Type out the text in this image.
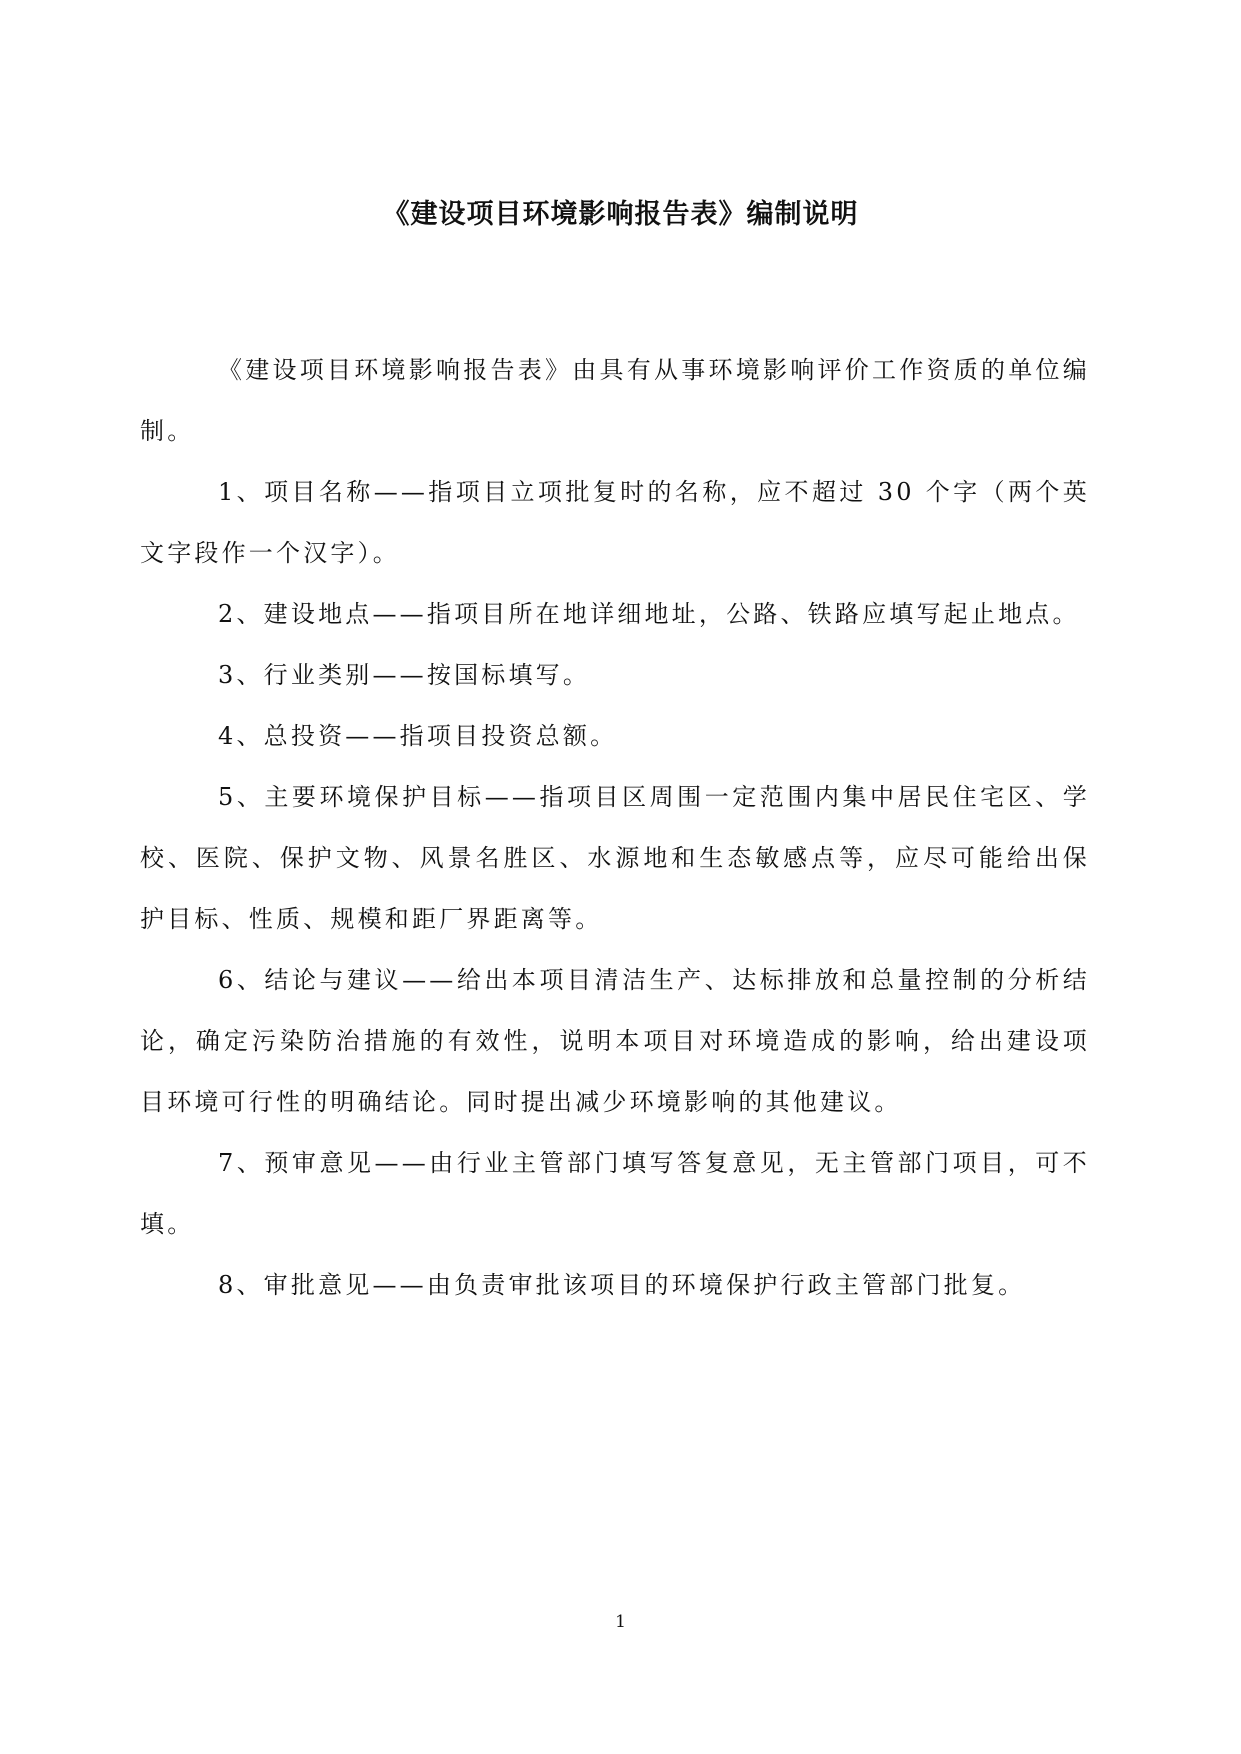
《建设项目环境影响报告表》编制说明

《建设项目环境影响报告表》由具有从事环境影响评价工作资质的单位编制。

1、项目名称——指项目立项批复时的名称，应不超过 30 个字（两个英文字段作一个汉字）。

2、建设地点——指项目所在地详细地址，公路、铁路应填写起止地点。

3、行业类别——按国标填写。

4、总投资——指项目投资总额。

5、主要环境保护目标——指项目区周围一定范围内集中居民住宅区、学校、医院、保护文物、风景名胜区、水源地和生态敏感点等，应尽可能给出保护目标、性质、规模和距厂界距离等。

6、结论与建议——给出本项目清洁生产、达标排放和总量控制的分析结论，确定污染防治措施的有效性，说明本项目对环境造成的影响，给出建设项目环境可行性的明确结论。同时提出减少环境影响的其他建议。

7、预审意见——由行业主管部门填写答复意见，无主管部门项目，可不填。

8、审批意见——由负责审批该项目的环境保护行政主管部门批复。

1
